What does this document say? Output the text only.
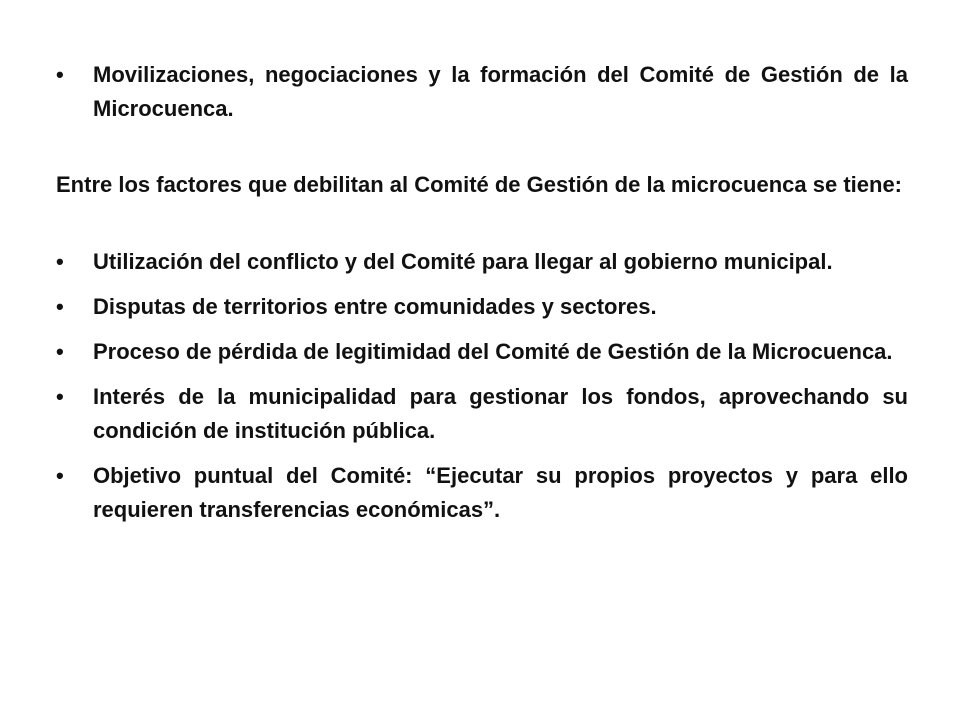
•	Movilizaciones, negociaciones y la formación del Comité de Gestión de la Microcuenca.

Entre los factores que debilitan al Comité de Gestión de la microcuenca se tiene:

•	Utilización del conflicto y del Comité para llegar al gobierno municipal.
•	Disputas de territorios entre comunidades y sectores.
•	Proceso de pérdida de legitimidad del Comité de Gestión de la Microcuenca.
•	Interés de la municipalidad para gestionar los fondos, aprovechando su condición de institución pública.
•	Objetivo puntual del Comité: “Ejecutar su propios proyectos y para ello requieren transferencias económicas”.
